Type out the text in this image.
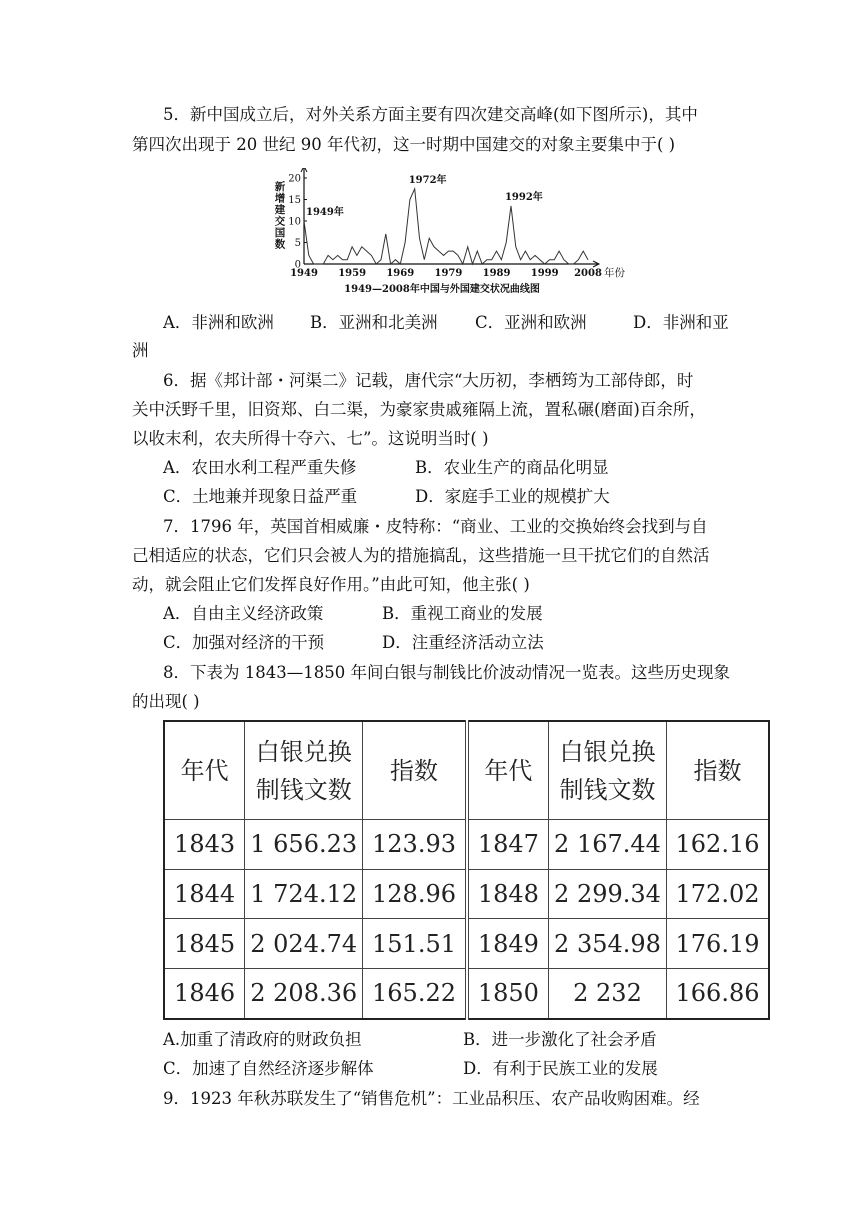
5．新中国成立后，对外关系方面主要有四次建交高峰(如下图所示)，其中
第四次出现于 20 世纪 90 年代初，这一时期中国建交的对象主要集中于( )
0
5
10
15
20
新
增
建
交
国
数
1949 1959 1969 1979 1989 1999 2008 年份
1949年
1972年
1992年
1949—2008年中国与外国建交状况曲线图
A．非洲和欧洲 B．亚洲和北美洲 C．亚洲和欧洲	D．非洲和亚
洲
6．据《邦计部・河渠二》记载，唐代宗“大历初，李栖筠为工部侍郎，时
关中沃野千里，旧资郑、白二渠，为豪家贵戚雍隔上流，置私碾(磨面)百余所，
以收末利，农夫所得十夺六、七”。这说明当时( )
A．农田水利工程严重失修	B．农业生产的商品化明显
C．土地兼并现象日益严重	D．家庭手工业的规模扩大
7．1796 年，英国首相威廉・皮特称：“商业、工业的交换始终会找到与自
己相适应的状态，它们只会被人为的措施搞乱，这些措施一旦干扰它们的自然活
动，就会阻止它们发挥良好作用。”由此可知，他主张( )
A．自由主义经济政策	B．重视工商业的发展
C．加强对经济的干预	D．注重经济活动立法
8．下表为 1843—1850 年间白银与制钱比价波动情况一览表。这些历史现象
的出现( )
年代	白银兑换
制钱文数	指数	年代	白银兑换
制钱文数	指数
1843	1 656.23	123.93	1847	2 167.44	162.16
1844	1 724.12	128.96	1848	2 299.34	172.02
1845	2 024.74	151.51	1849	2 354.98	176.19
1846	2 208.36	165.22	1850	2 232	166.86
A.加重了清政府的财政负担	B．进一步激化了社会矛盾
C．加速了自然经济逐步解体	D．有利于民族工业的发展
9．1923 年秋苏联发生了“销售危机”：工业品积压、农产品收购困难。经
